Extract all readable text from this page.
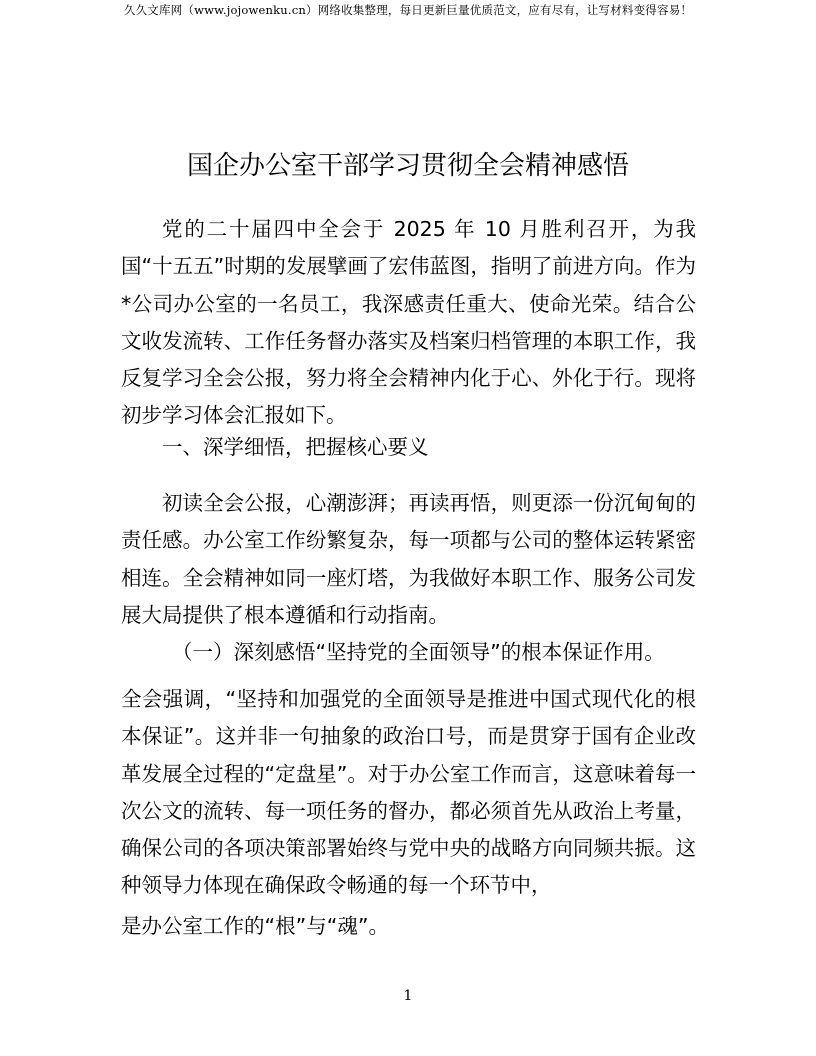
久久文库网（www.jojowenku.cn）网络收集整理，每日更新巨量优质范文，应有尽有，让写材料变得容易！
国企办公室干部学习贯彻全会精神感悟

党的二十届四中全会于 2025 年 10 月胜利召开，为我国“十五五”时期的发展擘画了宏伟蓝图，指明了前进方向。作为*公司办公室的一名员工，我深感责任重大、使命光荣。结合公文收发流转、工作任务督办落实及档案归档管理的本职工作，我反复学习全会公报，努力将全会精神内化于心、外化于行。现将初步学习体会汇报如下。

一、深学细悟，把握核心要义

初读全会公报，心潮澎湃；再读再悟，则更添一份沉甸甸的责任感。办公室工作纷繁复杂，每一项都与公司的整体运转紧密相连。全会精神如同一座灯塔，为我做好本职工作、服务公司发展大局提供了根本遵循和行动指南。

（一）深刻感悟“坚持党的全面领导”的根本保证作用。

全会强调，“坚持和加强党的全面领导是推进中国式现代化的根本保证”。这并非一句抽象的政治口号，而是贯穿于国有企业改革发展全过程的“定盘星”。对于办公室工作而言，这意味着每一次公文的流转、每一项任务的督办，都必须首先从政治上考量，确保公司的各项决策部署始终与党中央的战略方向同频共振。这种领导力体现在确保政令畅通的每一个环节中，
是办公室工作的“根”与“魂”。
1
